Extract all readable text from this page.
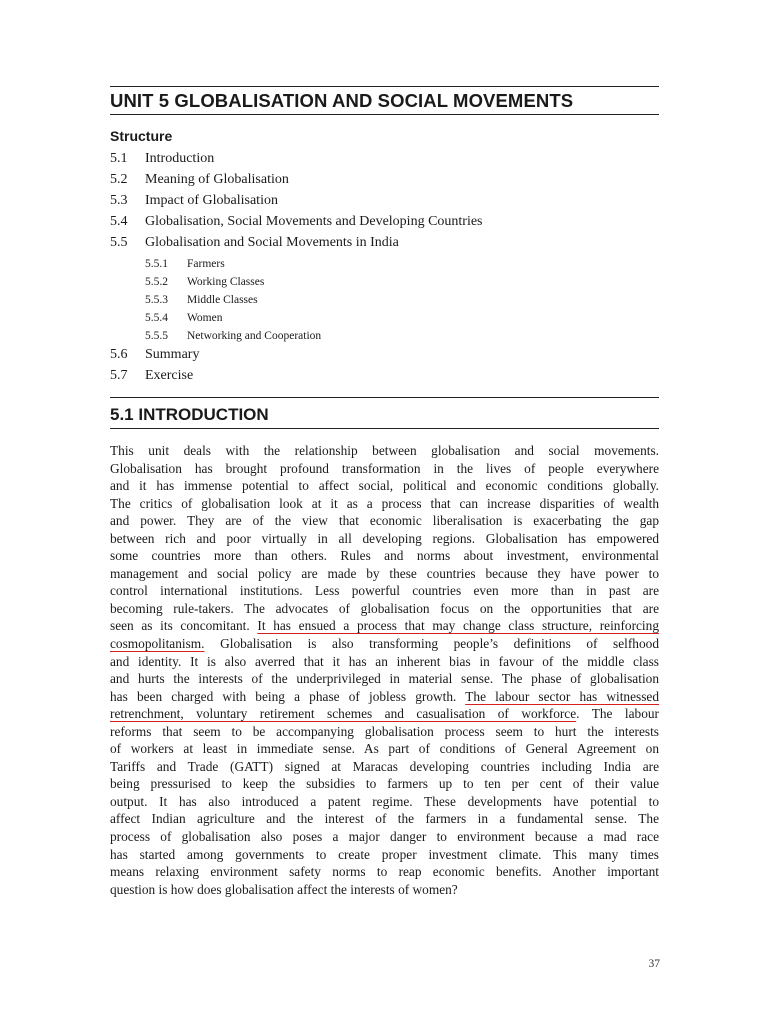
UNIT 5 GLOBALISATION AND SOCIAL MOVEMENTS
Structure
5.1 Introduction
5.2 Meaning of Globalisation
5.3 Impact of Globalisation
5.4 Globalisation, Social Movements and Developing Countries
5.5 Globalisation and Social Movements in India
5.5.1 Farmers
5.5.2 Working Classes
5.5.3 Middle Classes
5.5.4 Women
5.5.5 Networking and Cooperation
5.6 Summary
5.7 Exercise
5.1 INTRODUCTION
This unit deals with the relationship between globalisation and social movements.
Globalisation has brought profound transformation in the lives of people everywhere
and it has immense potential to affect social, political and economic conditions globally.
The critics of globalisation look at it as a process that can increase disparities of wealth
and power. They are of the view that economic liberalisation is exacerbating the gap
between rich and poor virtually in all developing regions. Globalisation has empowered
some countries more than others. Rules and norms about investment, environmental
management and social policy are made by these countries because they have power to
control international institutions. Less powerful countries even more than in past are
becoming rule-takers. The advocates of globalisation focus on the opportunities that are
seen as its concomitant. It has ensued a process that may change class structure, reinforcing
cosmopolitanism. Globalisation is also transforming people’s definitions of selfhood
and identity. It is also averred that it has an inherent bias in favour of the middle class
and hurts the interests of the underprivileged in material sense. The phase of globalisation
has been charged with being a phase of jobless growth. The labour sector has witnessed
retrenchment, voluntary retirement schemes and casualisation of workforce. The labour
reforms that seem to be accompanying globalisation process seem to hurt the interests
of workers at least in immediate sense. As part of conditions of General Agreement on
Tariffs and Trade (GATT) signed at Maracas developing countries including India are
being pressurised to keep the subsidies to farmers up to ten per cent of their value
output. It has also introduced a patent regime. These developments have potential to
affect Indian agriculture and the interest of the farmers in a fundamental sense. The
process of globalisation also poses a major danger to environment because a mad race
has started among governments to create proper investment climate. This many times
means relaxing environment safety norms to reap economic benefits. Another important
question is how does globalisation affect the interests of women?
37
